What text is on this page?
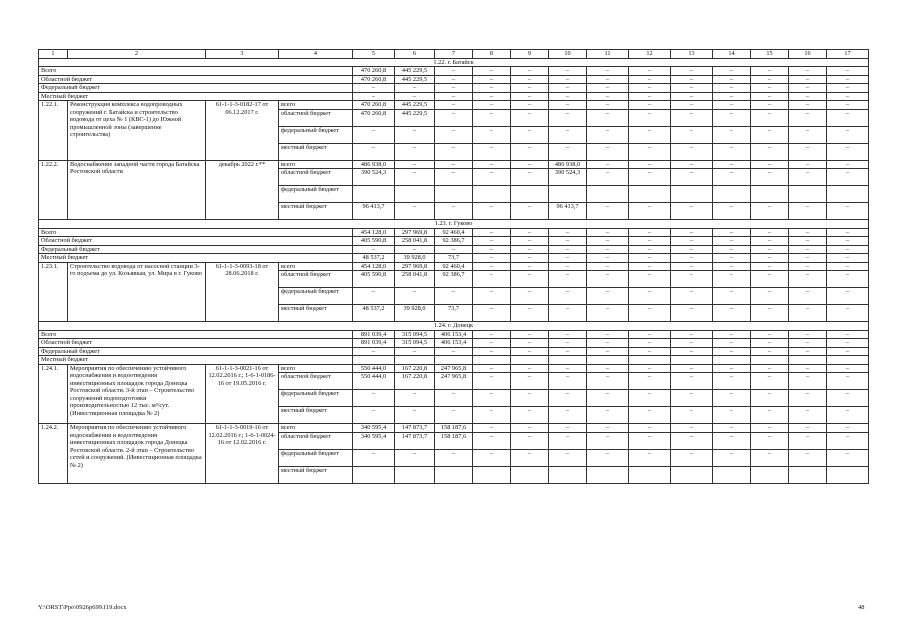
1	2	3	4	5	6	7	8	9	10	11	12	13	14	15	16	17
1.22. г. Батайск																
Всего				470 260,8	445 229,5	–	–	–	–	–	–	–	–	–	–	–
Областной бюджет				470 260,8	445 229,5	–	–	–	–	–	–	–	–	–	–	–
Федеральный бюджет				–	–	–	–	–	–	–	–	–	–	–	–	–
Местный бюджет				–	–	–	–	–	–	–	–	–	–	–	–	–
1.22.1.	Реконструкция комплекса водопроводных сооружений г. Батайска и строительство водовода от цеха № 1 (КВС-1) до Южной промышленной зоны (завершение строительства)	61-1-1-3-0182-17 от 06.12.2017 г.	всего	470 260,8	445 229,5	–	–	–	–	–	–	–	–	–	–	–
			областной бюджет	470 260,8	445 229,5	–	–	–	–	–	–	–	–	–	–	–
			федеральный бюджет	–	–	–	–	–	–	–	–	–	–	–	–	–
			местный бюджет	–	–	–	–	–	–	–	–	–	–	–	–	–
1.22.2.	Водоснабжение западной части города Батайска Ростовской области	декабрь 2022 г.**	всего	486 938,0	–	–	–	–	486 938,0	–	–	–	–	–	–	–
			областной бюджет	390 524,3	–	–	–	–	390 524,3	–	–	–	–	–	–	–
			федеральный бюджет													
			местный бюджет	96 413,7	–	–	–	–	96 413,7	–	–	–	–	–	–	–
1.23. г. Гуково																
Всего				454 128,0	297 969,8	92 460,4	–	–	–	–	–	–	–	–	–	–
Областной бюджет				405 590,8	258 041,8	92 386,7	–	–	–	–	–	–	–	–	–	–
Федеральный бюджет				–	–	–	–	–	–	–	–	–	–	–	–	–
Местный бюджет				48 537,2	39 928,0	73,7	–	–	–	–	–	–	–	–	–	–
1.23.1.	Строительство водовода от насосной станции 3-го подъема до ул. Козьявкая, ул. Мира в г. Гуково	61-1-1-3-0093-18 от 28.06.2018 г.	всего	454 128,0	297 969,8	92 460,4	–	–	–	–	–	–	–	–	–	–
			областной бюджет	405 590,8	258 041,8	92 386,7	–	–	–	–	–	–	–	–	–	–
			федеральный бюджет	–	–	–	–	–	–	–	–	–	–	–	–	–
			местный бюджет	48 537,2	39 928,0	73,7	–	–	–	–	–	–	–	–	–	–
1.24. г. Донецк																
Всего				891 039,4	315 094,5	406 153,4	–	–	–	–	–	–	–	–	–	–
Областной бюджет				891 039,4	315 094,5	406 153,4	–	–	–	–	–	–	–	–	–	–
Федеральный бюджет				–	–	–	–	–	–	–	–	–	–	–	–	–
Местный бюджет																
1.24.1.	Мероприятия по обеспечению устойчивого водоснабжения и водоотведения инвестиционных площадок города Донецка Ростовской области. 3-й этап – Строительство сооружений водоподготовки производительностью 12 тыс. м³/сут. (Инвестиционная площадка № 2)	61-1-1-3-0021-16 от 12.02.2016 г.; 1-6-1-0186-16 от 19.05.2016 г.	всего	550 444,0	167 220,8	247 965,8	–	–	–	–	–	–	–	–	–	–
			областной бюджет	550 444,0	167 220,8	247 965,8	–	–	–	–	–	–	–	–	–	–
			федеральный бюджет	–	–	–	–	–	–	–	–	–	–	–	–	–
			местный бюджет	–	–	–	–	–	–	–	–	–	–	–	–	–
1.24.2.	Мероприятия по обеспечению устойчивого водоснабжения и водоотведения инвестиционных площадок города Донецка Ростовской области. 2-й этап – Строительство сетей и сооружений. (Инвестиционная площадка № 2)	61-1-1-3-0019-16 от 12.02.2016 г.; 1-6-1-0024-16 от 12.02.2016 г.	всего	340 595,4	147 873,7	158 187,6	–	–	–	–	–	–	–	–	–	–
			областной бюджет	340 595,4	147 873,7	158 187,6	–	–	–	–	–	–	–	–	–	–
			федеральный бюджет	–	–	–	–	–	–	–	–	–	–	–	–	–
			местный бюджет													
Y:\ORST\Ppo\0926p699.f19.docx	48
